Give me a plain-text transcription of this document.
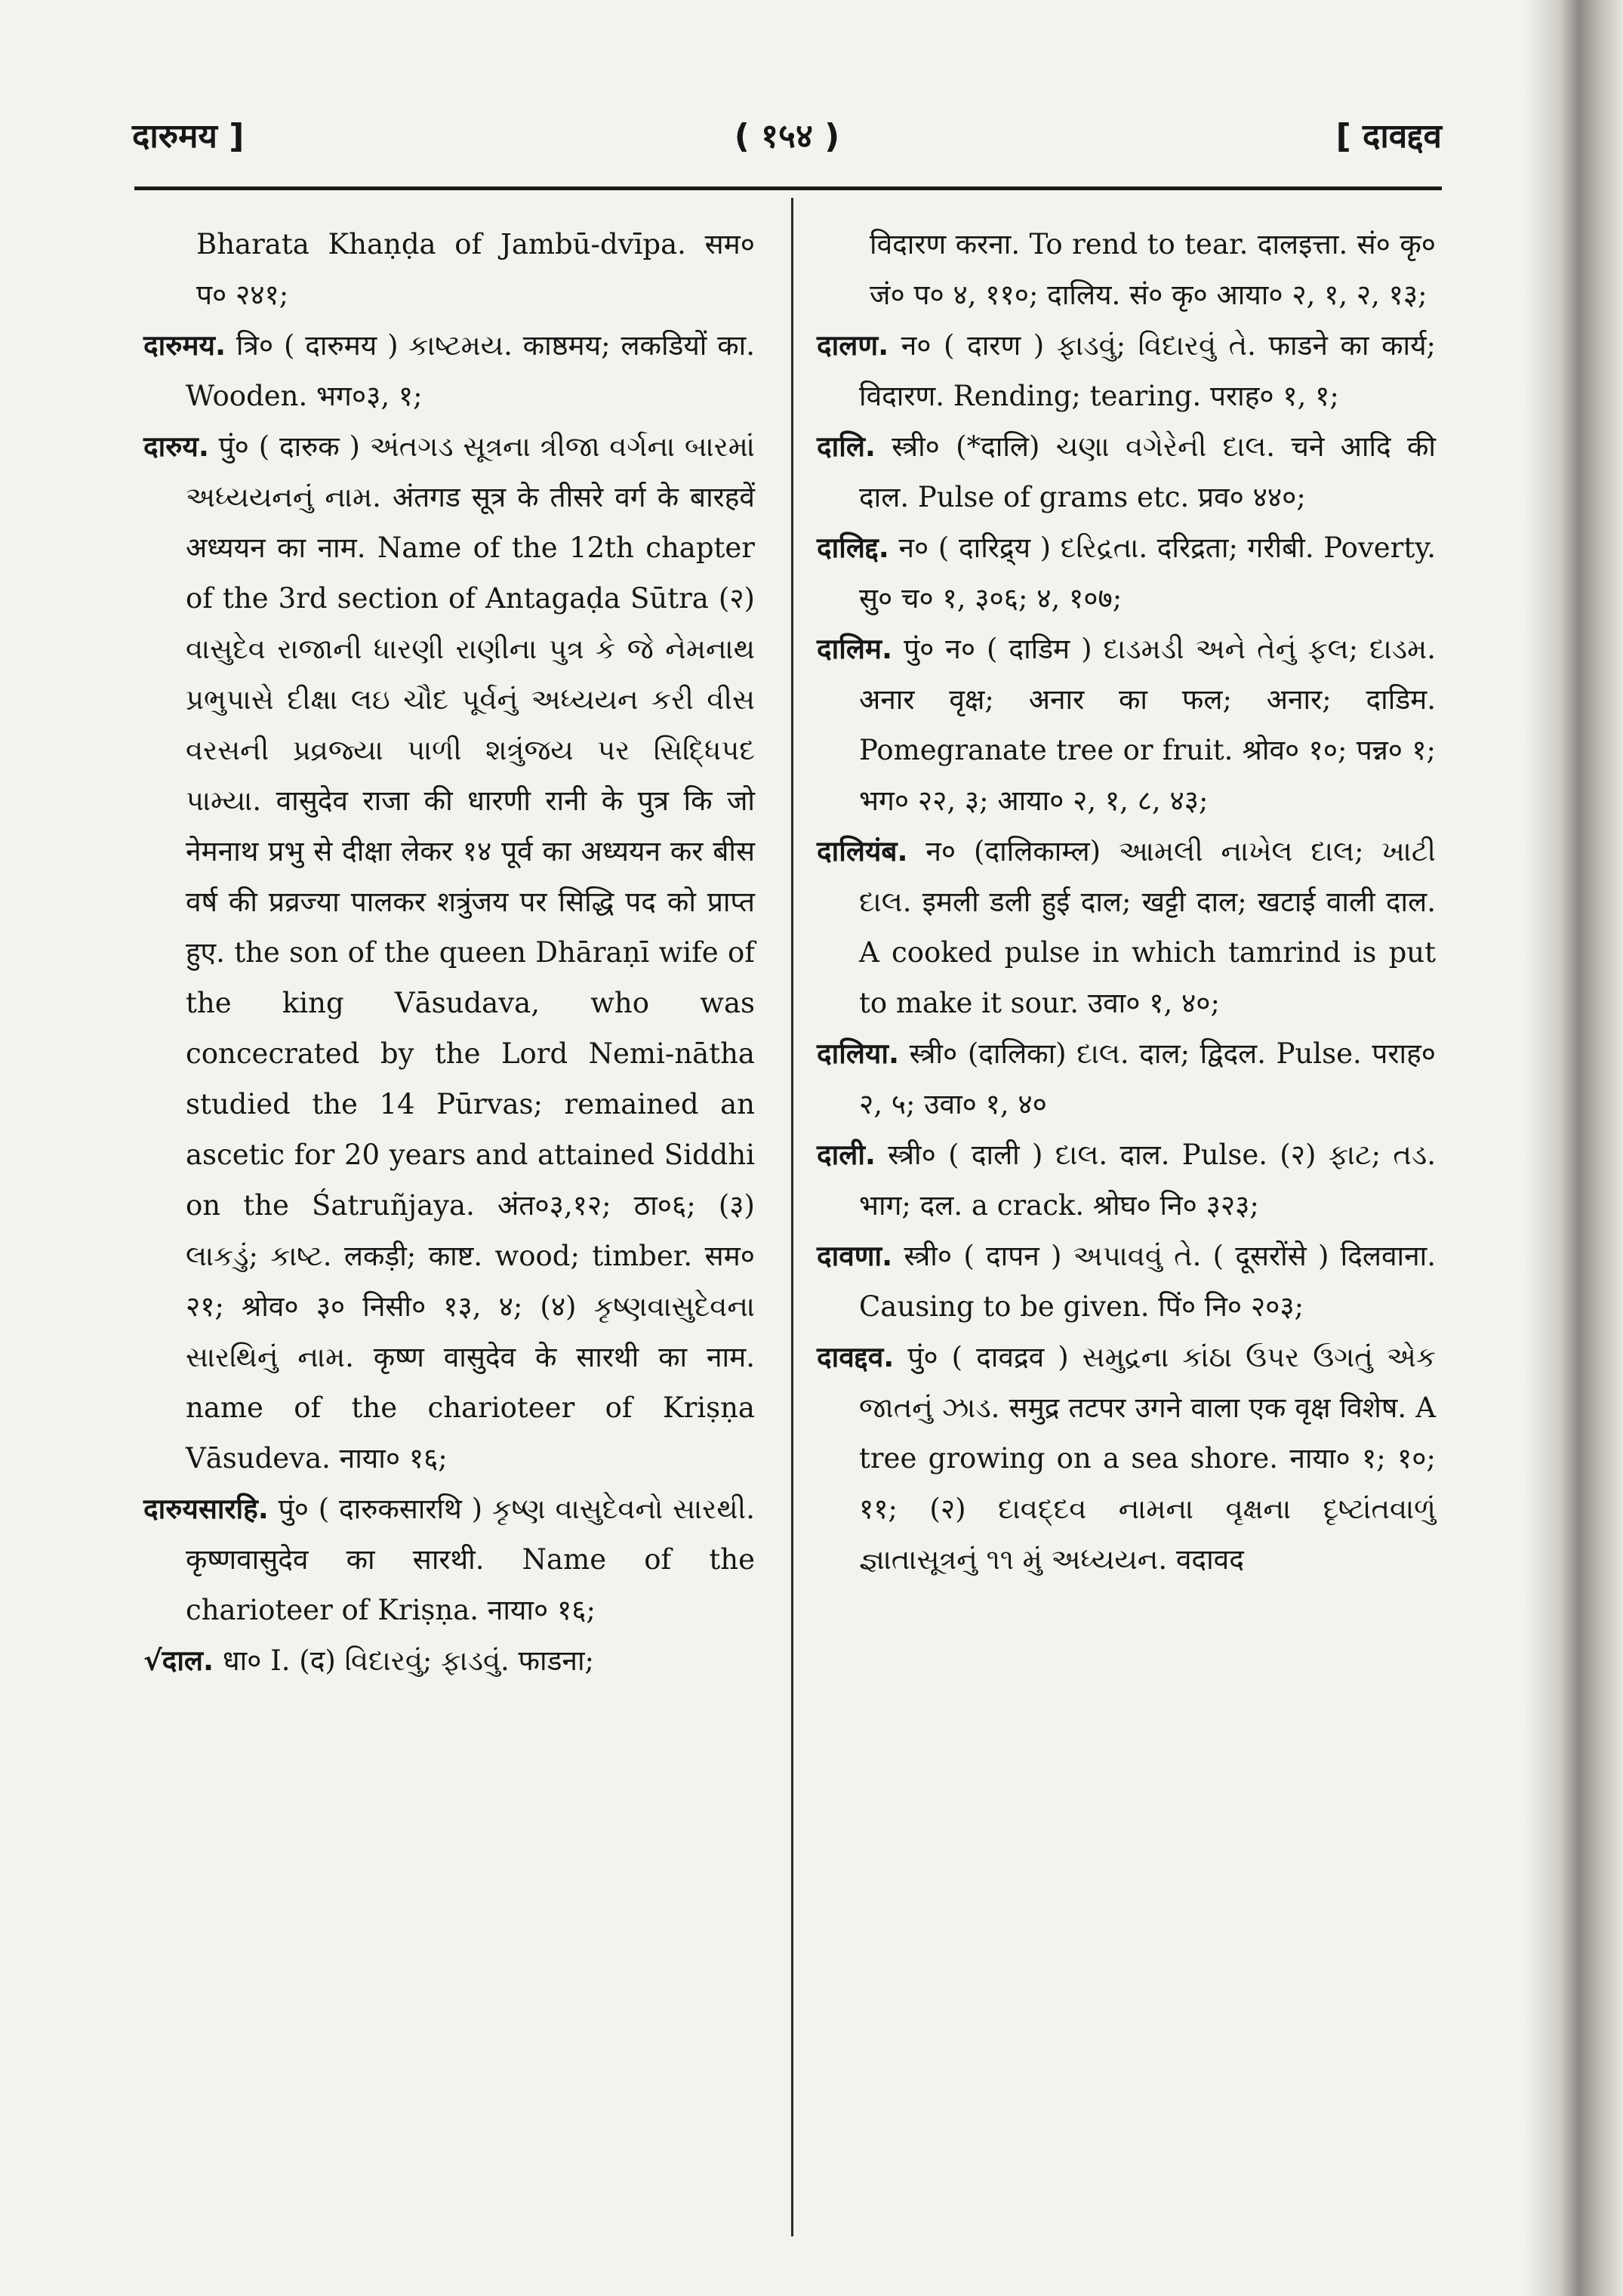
दारुमय ]	( १५४ )	[ दावद्दव

Bharata Khaṇḍa of Jambū-dvīpa. सम० प० २४१;

दारुमय. त्रि० ( दारुमय ) કાષ્ટમય. काष्ठमय; लकडियों का. Wooden. भग०३, १;

दारुय. पुं० ( दारुक ) અંતગડ સૂત્રના ત્રીજા વર્ગના બારમાં અધ્યયનનું નામ. अंतगड सूत्र के तीसरे वर्ग के बारहवें अध्ययन का नाम. Name of the 12th chapter of the 3rd section of Antagaḍa Sūtra (२) વાસુદેવ રાજાની ધારણી રાણીના પુત્ર કે જે નેમનાથ પ્રભુપાસે દીક્ષા લઇ ચૌદ પૂર્વનું અધ્યયન કરી વીસ વરસની પ્રવ્રજ્યા પાળી શત્રુંજય પર સિદ્ધિપદ પામ્યા. वासुदेव राजा की धारणी रानी के पुत्र कि जो नेमनाथ प्रभु से दीक्षा लेकर १४ पूर्व का अध्ययन कर बीस वर्ष की प्रव्रज्या पालकर शत्रुंजय पर सिद्धि पद को प्राप्त हुए. the son of the queen Dhāraṇī wife of the king Vāsudava, who was concecrated by the Lord Nemi-nātha studied the 14 Pūrvas; remained an ascetic for 20 years and attained Siddhi on the Śatruñjaya. अंत०३,१२; ठा०६; (३) લાકડું; કાષ્ટ. लकड़ी; काष्ट. wood; timber. सम० २१; श्रोव० ३० निसी० १३, ४; (४) કૃષ્ણવાસુદેવના સારથિનું નામ. कृष्ण वासुदेव के सारथी का नाम. name of the charioteer of Kriṣṇa Vāsudeva. नाया० १६;

दारुयसारहि. पुं० ( दारुकसारथि ) કૃષ્ણ વાસુદેવનો સારથી. कृष्णवासुदेव का सारथी. Name of the charioteer of Kriṣṇa. नाया० १६;

√दाल. धा० I. (द) વિદારવું; ફાડવું. फाडना;

विदारण करना. To rend to tear. दालइत्ता. सं० कृ० जं० प० ४, ११०; दालिय. सं० कृ० आया० २, १, २, १३;

दालण. न० ( दारण ) ફાડવું; વિદારવું તે. फाडने का कार्य; विदारण. Rending; tearing. पराह० १, १;

दालि. स्त्री० (*दालि) ચણા વગેરેની દાલ. चने आदि की दाल. Pulse of grams etc. प्रव० ४४०;

दालिद्द. न० ( दारिद्र्य ) દરિદ્રતા. दरिद्रता; गरीबी. Poverty. सु० च० १, ३०६; ४, १०७;

दालिम. पुं० न० ( दाडिम ) દાડમડી અને તેનું ફલ; દાડમ. अनार वृक्ष; अनार का फल; अनार; दाडिम. Pomegranate tree or fruit. श्रोव० १०; पन्न० १; भग० २२, ३; आया० २, १, ८, ४३;

दालियंब. न० (दालिकाम्ल) આમલી નાખેલ દાલ; ખાટી દાલ. इमली डली हुई दाल; खट्टी दाल; खटाई वाली दाल. A cooked pulse in which tamrind is put to make it sour. उवा० १, ४०;

दालिया. स्त्री० (दालिका) દાલ. दाल; द्विदल. Pulse. पराह० २, ५; उवा० १, ४०

दाली. स्त्री० ( दाली ) દાલ. दाल. Pulse. (२) ફાટ; તડ. भाग; दल. a crack. श्रोघ० नि० ३२३;

दावणा. स्त्री० ( दापन ) અપાવવું તે. ( दूसरोंसे ) दिलवाना. Causing to be given. पिं० नि० २०३;

दावद्दव. पुं० ( दावद्रव ) સમુદ્રના કાંઠા ઉપર ઉગતું એક જાતનું ઝાડ. समुद्र तटपर उगने वाला एक वृक्ष विशेष. A tree growing on a sea shore. नाया० १; १०; ११; (२) દાવદ્દવ નામના વૃક્ષના દૃષ્ટાંતવાળું જ્ઞાતાસૂત્રનું ૧૧ મું અધ્યયન. वदावद
